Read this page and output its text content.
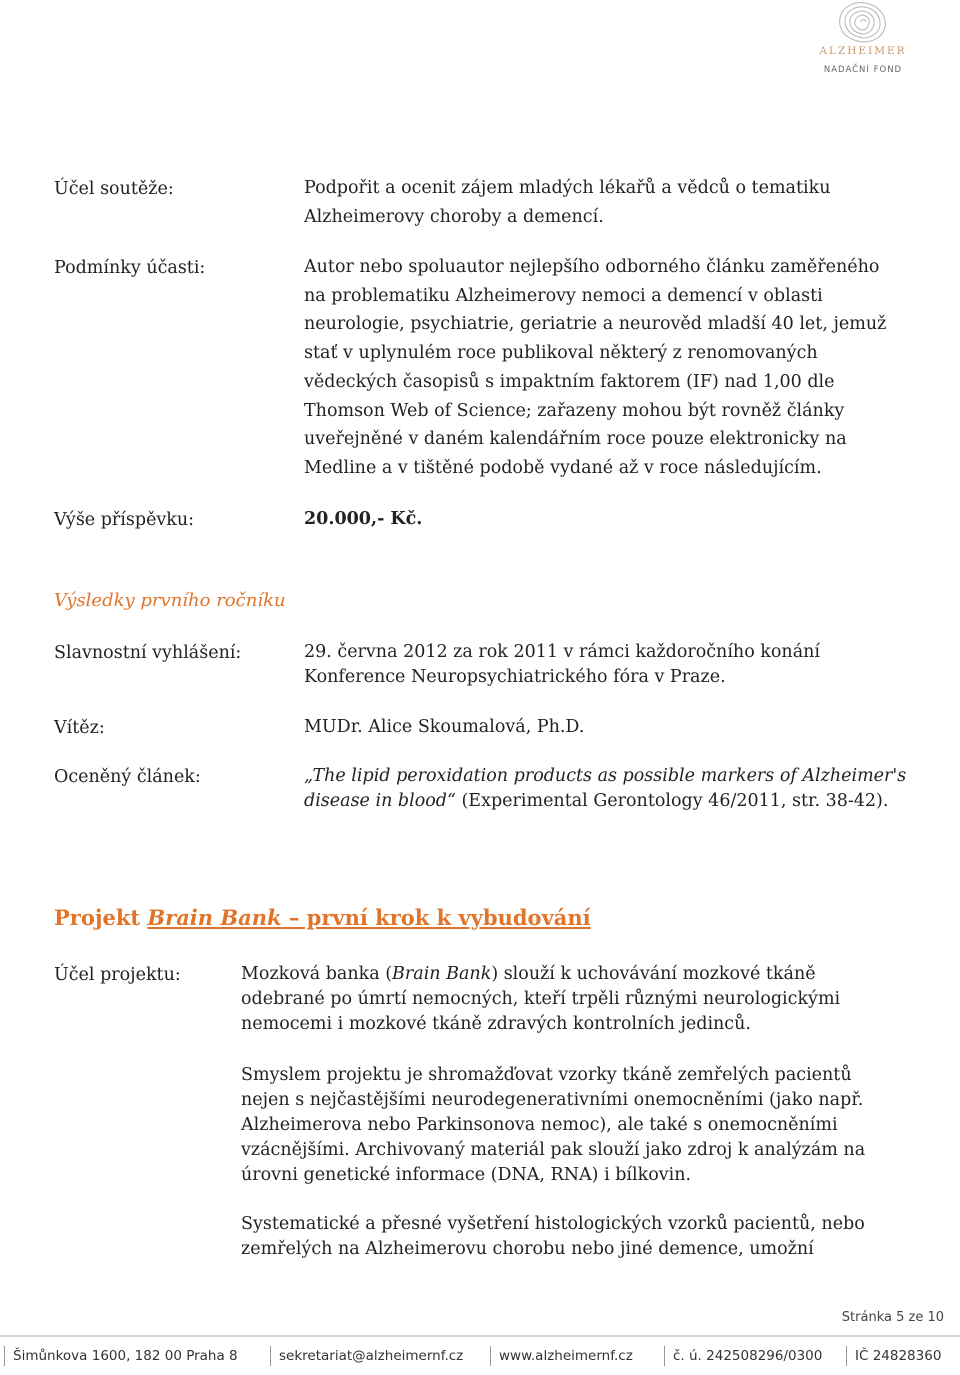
ALZHEIMER
NADAČNÍ FOND
Účel soutěže:	Podpořit a ocenit zájem mladých lékařů a vědců o tematiku Alzheimerovy choroby a demencí.
Podmínky účasti:	Autor nebo spoluautor nejlepšího odborného článku zaměřeného na problematiku Alzheimerovy nemoci a demencí v oblasti neurologie, psychiatrie, geriatrie a neurověd mladší 40 let, jemuž stať v uplynulém roce publikoval některý z renomovaných vědeckých časopisů s impaktním faktorem (IF) nad 1,00 dle Thomson Web of Science; zařazeny mohou být rovněž články uveřejněné v daném kalendářním roce pouze elektronicky na Medline a v tištěné podobě vydané až v roce následujícím.
Výše příspěvku:	20.000,- Kč.
Výsledky prvního ročníku
Slavnostní vyhlášení:	29. června 2012 za rok 2011 v rámci každoročního konání Konference Neuropsychiatrického fóra v Praze.
Vítěz:	MUDr. Alice Skoumalová, Ph.D.
Oceněný článek:	„The lipid peroxidation products as possible markers of Alzheimer's disease in blood“ (Experimental Gerontology 46/2011, str. 38-42).
Projekt Brain Bank – první krok k vybudování
Účel projektu:	Mozková banka (Brain Bank) slouží k uchovávání mozkové tkáně odebrané po úmrtí nemocných, kteří trpěli různými neurologickými nemocemi i mozkové tkáně zdravých kontrolních jedinců.
Smyslem projektu je shromažďovat vzorky tkáně zemřelých pacientů nejen s nejčastějšími neurodegenerativními onemocněními (jako např. Alzheimerova nebo Parkinsonova nemoc), ale také s onemocněními vzácnějšími. Archivovaný materiál pak slouží jako zdroj k analýzám na úrovni genetické informace (DNA, RNA) i bílkovin.
Systematické a přesné vyšetření histologických vzorků pacientů, nebo zemřelých na Alzheimerovu chorobu nebo jiné demence, umožní
Stránka 5 ze 10
Šimůnkova 1600, 182 00 Praha 8	sekretariat@alzheimernf.cz	www.alzheimernf.cz	č. ú. 242508296/0300 IČ 24828360
